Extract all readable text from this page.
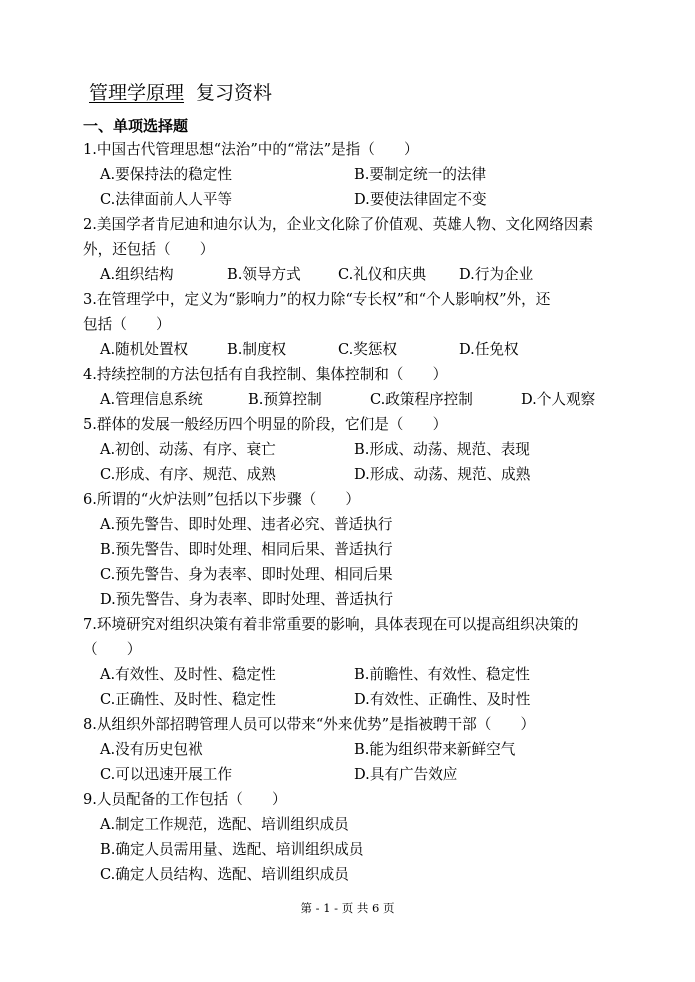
管理学原理 复习资料
一、单项选择题
1.中国古代管理思想“法治”中的“常法”是指（　　）
A.要保持法的稳定性	B.要制定统一的法律
C.法律面前人人平等	D.要使法律固定不变
2.美国学者肯尼迪和迪尔认为，企业文化除了价值观、英雄人物、文化网络因素
外，还包括（　　）
A.组织结构	B.领导方式	C.礼仪和庆典 D.行为企业
3.在管理学中，定义为“影响力”的权力除“专长权”和“个人影响权”外，还
包括（　　）
A.随机处置权	B.制度权	C.奖惩权	D.任免权
4.持续控制的方法包括有自我控制、集体控制和（　　）
A.管理信息系统	B.预算控制	C.政策程序控制	D.个人观察
5.群体的发展一般经历四个明显的阶段，它们是（　　）
A.初创、动荡、有序、衰亡	B.形成、动荡、规范、表现
C.形成、有序、规范、成熟	D.形成、动荡、规范、成熟
6.所谓的“火炉法则”包括以下步骤（　　）
A.预先警告、即时处理、违者必究、普适执行
B.预先警告、即时处理、相同后果、普适执行
C.预先警告、身为表率、即时处理、相同后果
D.预先警告、身为表率、即时处理、普适执行
7.环境研究对组织决策有着非常重要的影响，具体表现在可以提高组织决策的
（　　）
A.有效性、及时性、稳定性	B.前瞻性、有效性、稳定性
C.正确性、及时性、稳定性	D.有效性、正确性、及时性
8.从组织外部招聘管理人员可以带来“外来优势”是指被聘干部（　　）
A.没有历史包袱	B.能为组织带来新鲜空气
C.可以迅速开展工作	D.具有广告效应
9.人员配备的工作包括（　　）
A.制定工作规范，选配、培训组织成员
B.确定人员需用量、选配、培训组织成员
C.确定人员结构、选配、培训组织成员
第 - 1 - 页 共 6 页
